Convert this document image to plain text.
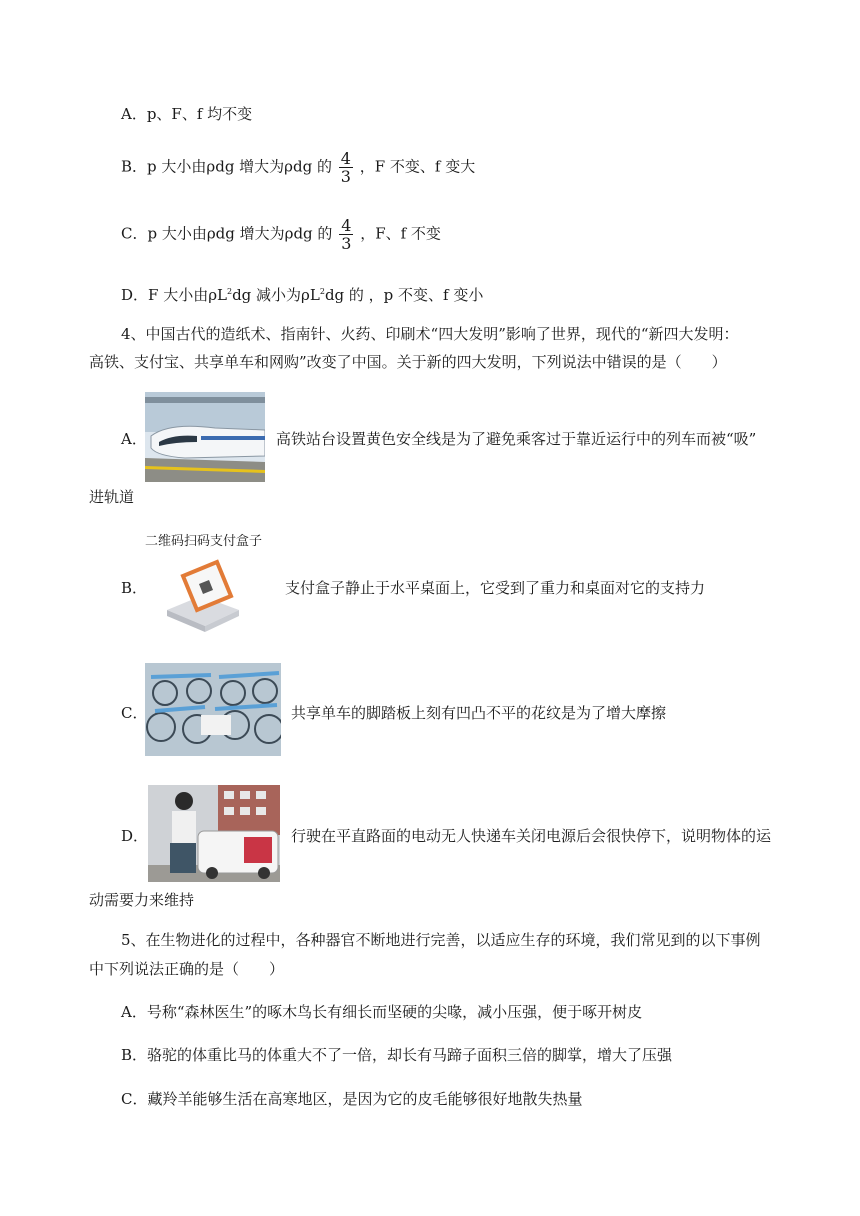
A．p、F、f 均不变
B．p 大小由ρdg 增大为ρdg 的 $\frac{4}{3}$ ，F 不变、f 变大
C．p 大小由ρdg 增大为ρdg 的 $\frac{4}{3}$ ，F、f 不变
D．F 大小由$\rho L^2dg$ 减小为$\rho L^2dg$ 的 ，p 不变、f 变小
4、中国古代的造纸术、指南针、火药、印刷术“四大发明”影响了世界，现代的“新四大发明：
高铁、支付宝、共享单车和网购”改变了中国。关于新的四大发明，下列说法中错误的是（　　）
A．	高铁站台设置黄色安全线是为了避免乘客过于靠近运行中的列车而被“吸”
进轨道
二维码扫码支付盒子
B．	支付盒子静止于水平桌面上，它受到了重力和桌面对它的支持力
C．	共享单车的脚踏板上刻有凹凸不平的花纹是为了增大摩擦
D．	行驶在平直路面的电动无人快递车关闭电源后会很快停下，说明物体的运
动需要力来维持
5、在生物进化的过程中，各种器官不断地进行完善，以适应生存的环境，我们常见到的以下事例
中下列说法正确的是（　　）
A．号称“森林医生”的啄木鸟长有细长而坚硬的尖喙，减小压强，便于啄开树皮
B．骆驼的体重比马的体重大不了一倍，却长有马蹄子面积三倍的脚掌，增大了压强
C．藏羚羊能够生活在高寒地区，是因为它的皮毛能够很好地散失热量
